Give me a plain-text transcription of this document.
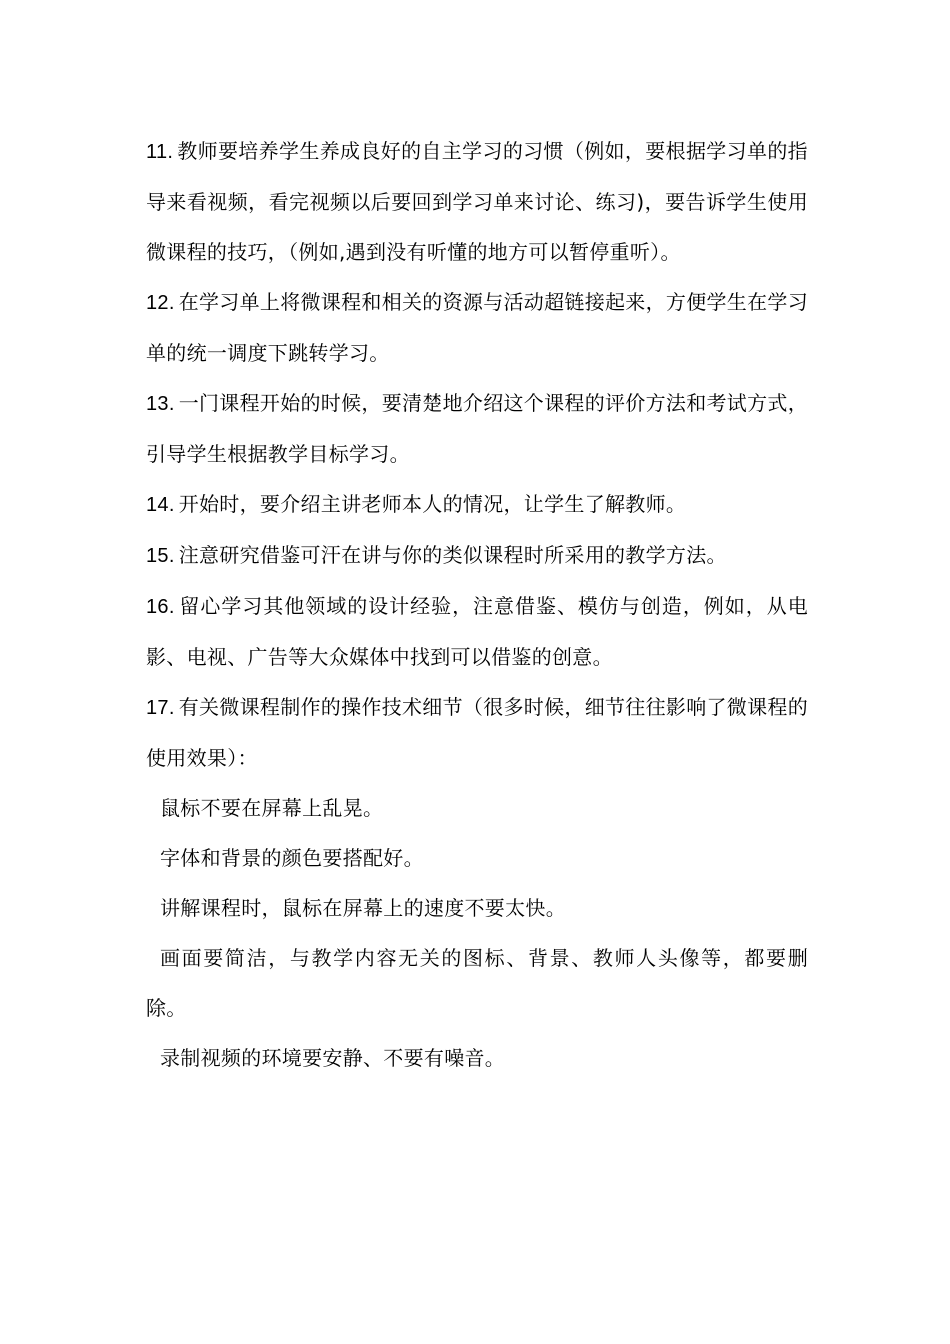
11. 教师要培养学生养成良好的自主学习的习惯（例如，要根据学习单的指导来看视频，看完视频以后要回到学习单来讨论、练习)，要告诉学生使用微课程的技巧，（例如,遇到没有听懂的地方可以暂停重听）。

12. 在学习单上将微课程和相关的资源与活动超链接起来，方便学生在学习单的统一调度下跳转学习。

13. 一门课程开始的时候，要清楚地介绍这个课程的评价方法和考试方式，引导学生根据教学目标学习。

14. 开始时，要介绍主讲老师本人的情况，让学生了解教师。

15. 注意研究借鉴可汗在讲与你的类似课程时所采用的教学方法。

16. 留心学习其他领域的设计经验，注意借鉴、模仿与创造，例如，从电影、电视、广告等大众媒体中找到可以借鉴的创意。

17. 有关微课程制作的操作技术细节（很多时候，细节往往影响了微课程的使用效果）：

鼠标不要在屏幕上乱晃。

字体和背景的颜色要搭配好。

讲解课程时，鼠标在屏幕上的速度不要太快。

画面要简洁，与教学内容无关的图标、背景、教师人头像等，都要删除。

录制视频的环境要安静、不要有噪音。
